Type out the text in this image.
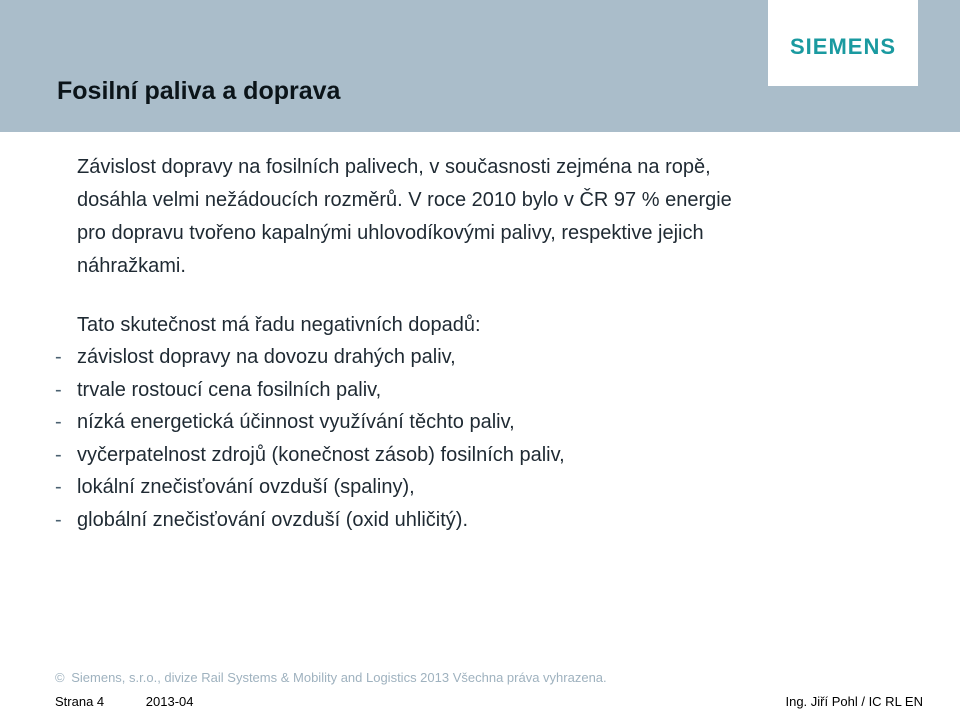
SIEMENS
Fosilní paliva a doprava
Závislost dopravy na fosilních palivech, v současnosti zejména na ropě,
dosáhla velmi nežádoucích rozměrů. V roce 2010 bylo v ČR 97 % energie
pro dopravu tvořeno kapalnými uhlovodíkovými palivy, respektive jejich
náhražkami.
Tato skutečnost má řadu negativních dopadů:
- závislost dopravy na dovozu drahých paliv,
- trvale rostoucí cena fosilních paliv,
- nízká energetická účinnost využívání těchto paliv,
- vyčerpatelnost zdrojů (konečnost zásob) fosilních paliv,
- lokální znečisťování ovzduší (spaliny),
- globální znečisťování ovzduší (oxid uhličitý).
© Siemens, s.r.o., divize Rail Systems & Mobility and Logistics 2013 Všechna práva vyhrazena.
Strana 4	2013-04	Ing. Jiří Pohl / IC RL EN
